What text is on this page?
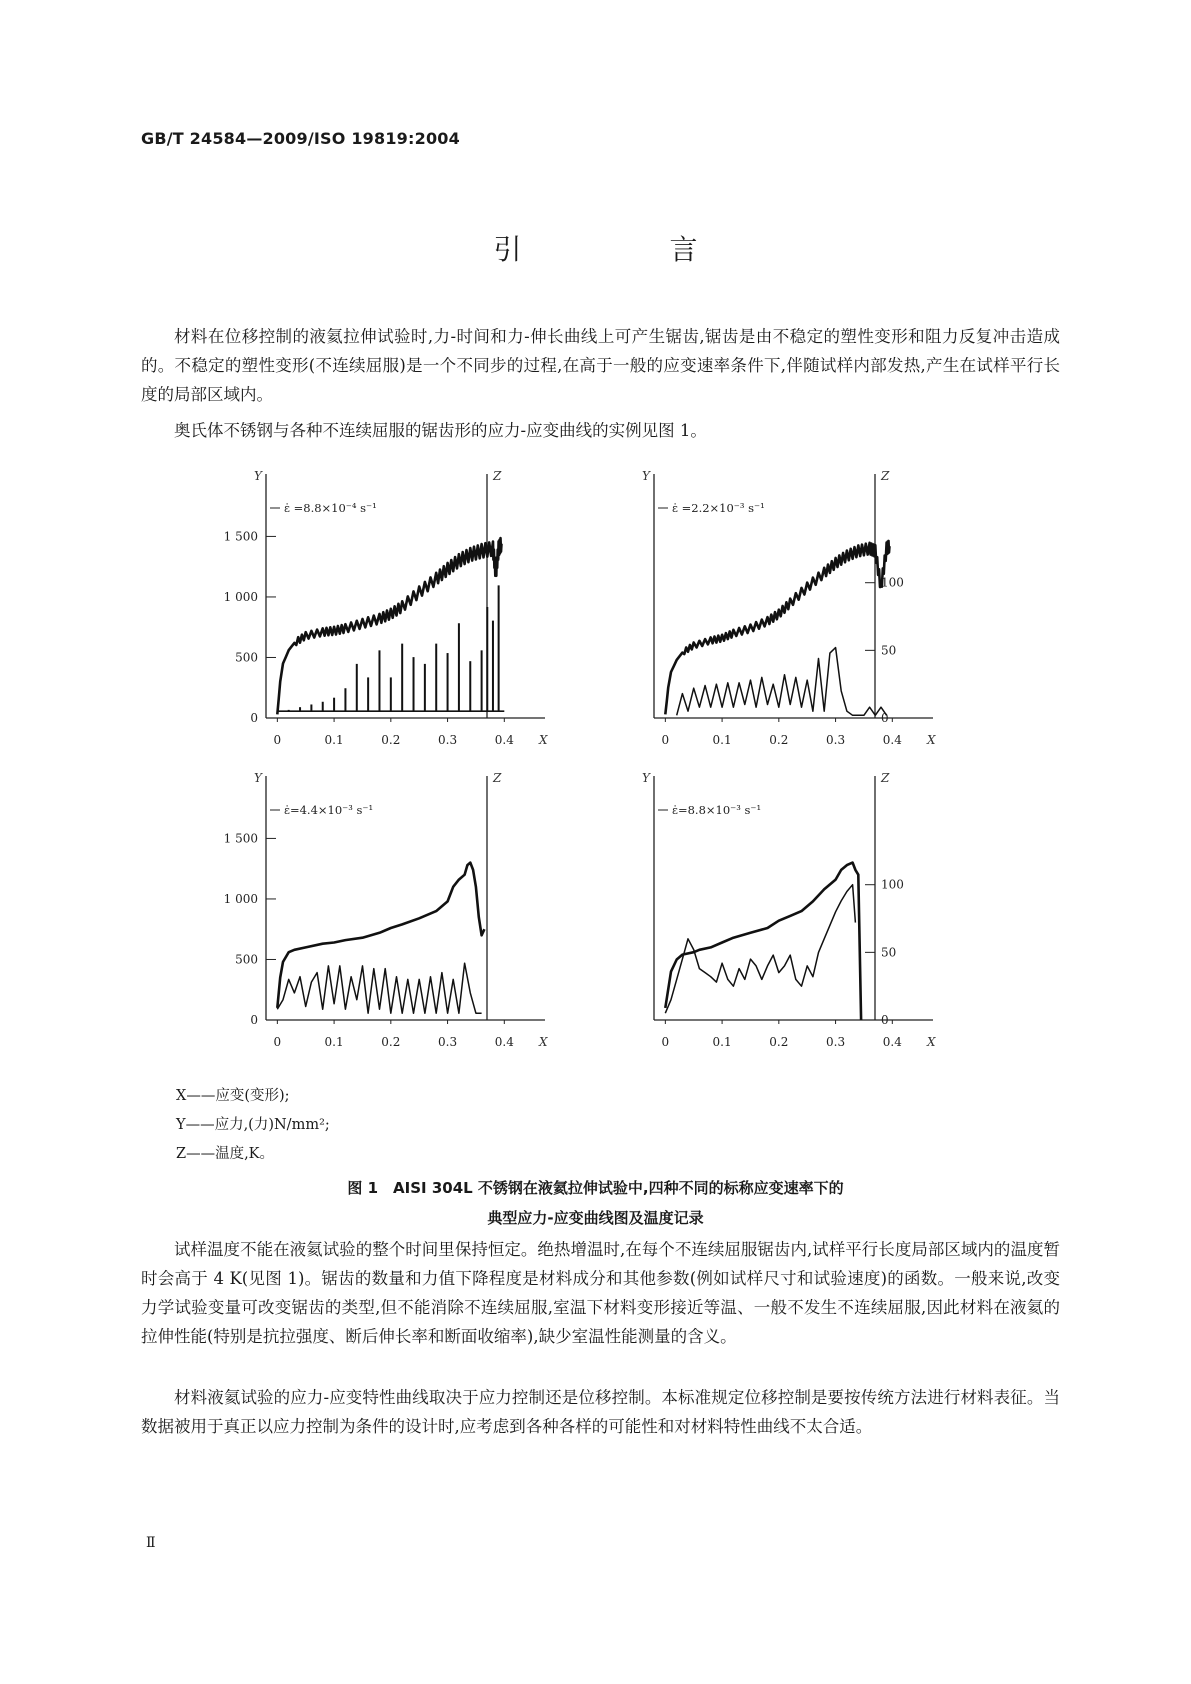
GB/T 24584—2009/ISO 19819:2004
引　言
材料在位移控制的液氦拉伸试验时,力-时间和力-伸长曲线上可产生锯齿,锯齿是由不稳定的塑性变形和阻力反复冲击造成的。不稳定的塑性变形(不连续屈服)是一个不同步的过程,在高于一般的应变速率条件下,伴随试样内部发热,产生在试样平行长度的局部区域内。
奥氏体不锈钢与各种不连续屈服的锯齿形的应力-应变曲线的实例见图 1。
Y	Z
X
0	0.1	0.2	0.3	0.4
0
500
1 000
1 500
ε̇ =8.8×10⁻⁴ s⁻¹
Y	Z
X
0	0.1	0.2	0.3	0.4
0
50
100
ε̇ =2.2×10⁻³ s⁻¹
Y	Z
X
0	0.1	0.2	0.3	0.4
0
500
1 000
1 500
ε̇=4.4×10⁻³ s⁻¹
Y	Z
X
0	0.1	0.2	0.3	0.4
0
50
100
ε̇=8.8×10⁻³ s⁻¹
X——应变(变形);
Y——应力,(力)N/mm²;
Z——温度,K。
图 1　AISI 304L 不锈钢在液氦拉伸试验中,四种不同的标称应变速率下的
典型应力-应变曲线图及温度记录
试样温度不能在液氦试验的整个时间里保持恒定。绝热增温时,在每个不连续屈服锯齿内,试样平行长度局部区域内的温度暂时会高于 4 K(见图 1)。锯齿的数量和力值下降程度是材料成分和其他参数(例如试样尺寸和试验速度)的函数。一般来说,改变力学试验变量可改变锯齿的类型,但不能消除不连续屈服,室温下材料变形接近等温、一般不发生不连续屈服,因此材料在液氦的拉伸性能(特别是抗拉强度、断后伸长率和断面收缩率),缺少室温性能测量的含义。
材料液氦试验的应力-应变特性曲线取决于应力控制还是位移控制。本标准规定位移控制是要按传统方法进行材料表征。当数据被用于真正以应力控制为条件的设计时,应考虑到各种各样的可能性和对材料特性曲线不太合适。
Ⅱ
